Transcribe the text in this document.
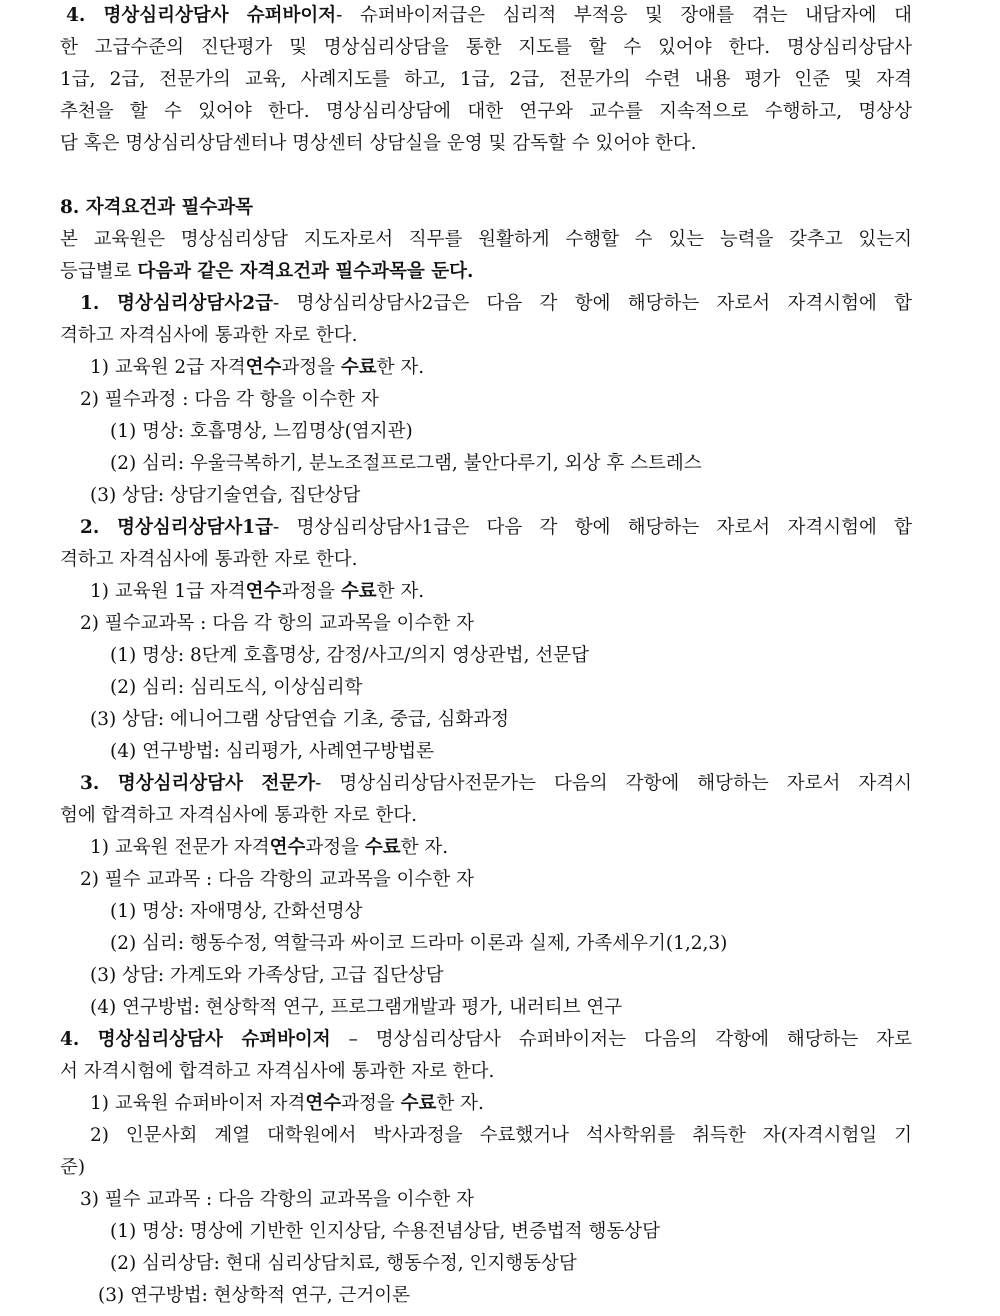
4. 명상심리상담사 슈퍼바이저- 슈퍼바이저급은 심리적 부적응 및 장애를 겪는 내담자에 대
한 고급수준의 진단평가 및 명상심리상담을 통한 지도를 할 수 있어야 한다. 명상심리상담사
1급, 2급, 전문가의 교육, 사례지도를 하고, 1급, 2급, 전문가의 수련 내용 평가 인준 및 자격
추천을 할 수 있어야 한다. 명상심리상담에 대한 연구와 교수를 지속적으로 수행하고, 명상상
담 혹은 명상심리상담센터나 명상센터 상담실을 운영 및 감독할 수 있어야 한다.
8. 자격요건과 필수과목
본 교육원은 명상심리상담 지도자로서 직무를 원활하게 수행할 수 있는 능력을 갖추고 있는지
등급별로 다음과 같은 자격요건과 필수과목을 둔다.
1. 명상심리상담사2급- 명상심리상담사2급은 다음 각 항에 해당하는 자로서 자격시험에 합
격하고 자격심사에 통과한 자로 한다.
1) 교육원 2급 자격연수과정을 수료한 자.
2) 필수과정 : 다음 각 항을 이수한 자
(1) 명상: 호흡명상, 느낌명상(염지관)
(2) 심리: 우울극복하기, 분노조절프로그램, 불안다루기, 외상 후 스트레스
(3) 상담: 상담기술연습, 집단상담
2. 명상심리상담사1급- 명상심리상담사1급은 다음 각 항에 해당하는 자로서 자격시험에 합
격하고 자격심사에 통과한 자로 한다.
1) 교육원 1급 자격연수과정을 수료한 자.
2) 필수교과목 : 다음 각 항의 교과목을 이수한 자
(1) 명상: 8단계 호흡명상, 감정/사고/의지 영상관법, 선문답
(2) 심리: 심리도식, 이상심리학
(3) 상담: 에니어그램 상담연습 기초, 중급, 심화과정
(4) 연구방법: 심리평가, 사례연구방법론
3. 명상심리상담사 전문가- 명상심리상담사전문가는 다음의 각항에 해당하는 자로서 자격시
험에 합격하고 자격심사에 통과한 자로 한다.
1) 교육원 전문가 자격연수과정을 수료한 자.
2) 필수 교과목 : 다음 각항의 교과목을 이수한 자
(1) 명상: 자애명상, 간화선명상
(2) 심리: 행동수정, 역할극과 싸이코 드라마 이론과 실제, 가족세우기(1,2,3)
(3) 상담: 가계도와 가족상담, 고급 집단상담
(4) 연구방법: 현상학적 연구, 프로그램개발과 평가, 내러티브 연구
4. 명상심리상담사 슈퍼바이저 – 명상심리상담사 슈퍼바이저는 다음의 각항에 해당하는 자로
서 자격시험에 합격하고 자격심사에 통과한 자로 한다.
1) 교육원 슈퍼바이저 자격연수과정을 수료한 자.
2) 인문사회 계열 대학원에서 박사과정을 수료했거나 석사학위를 취득한 자(자격시험일 기
준)
3) 필수 교과목 : 다음 각항의 교과목을 이수한 자
(1) 명상: 명상에 기반한 인지상담, 수용전념상담, 변증법적 행동상담
(2) 심리상담: 현대 심리상담치료, 행동수정, 인지행동상담
(3) 연구방법: 현상학적 연구, 근거이론
